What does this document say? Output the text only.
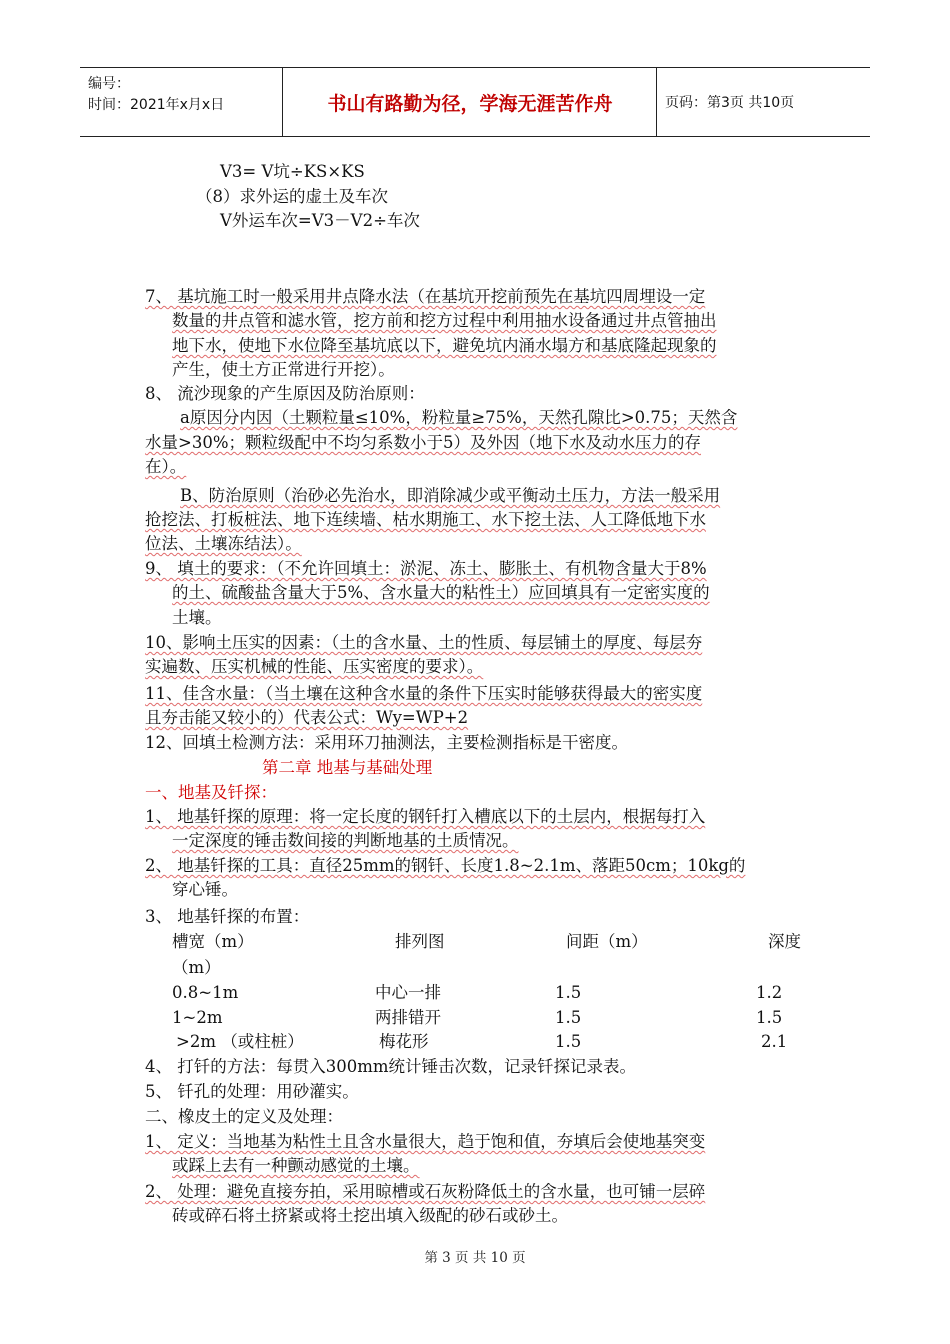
编号：
时间：2021年x月x日	书山有路勤为径，学海无涯苦作舟	页码：第3页 共10页
V3= V坑÷KS×KS
（8）求外运的虚土及车次
V外运车次=V3－V2÷车次
7、 基坑施工时一般采用井点降水法（在基坑开挖前预先在基坑四周埋设一定
数量的井点管和滤水管，挖方前和挖方过程中利用抽水设备通过井点管抽出
地下水，使地下水位降至基坑底以下，避免坑内涌水塌方和基底隆起现象的
产生，使土方正常进行开挖）。
8、 流沙现象的产生原因及防治原则：
a原因分内因（土颗粒量≤10%，粉粒量≥75%，天然孔隙比>0.75；天然含
水量>30%；颗粒级配中不均匀系数小于5）及外因（地下水及动水压力的存
在）。
B、防治原则（治砂必先治水，即消除减少或平衡动土压力，方法一般采用
抢挖法、打板桩法、地下连续墙、枯水期施工、水下挖土法、人工降低地下水
位法、土壤冻结法）。
9、 填土的要求：（不允许回填土：淤泥、冻土、膨胀土、有机物含量大于8%
的土、硫酸盐含量大于5%、含水量大的粘性土）应回填具有一定密实度的
土壤。
10、影响土压实的因素：（土的含水量、土的性质、每层铺土的厚度、每层夯
实遍数、压实机械的性能、压实密度的要求）。
11、佳含水量：（当土壤在这种含水量的条件下压实时能够获得最大的密实度
且夯击能又较小的）代表公式：Wy=WP+2
12、回填土检测方法：采用环刀抽测法，主要检测指标是干密度。
第二章 地基与基础处理
一、地基及钎探：
1、 地基钎探的原理：将一定长度的钢钎打入槽底以下的土层内，根据每打入
一定深度的锤击数间接的判断地基的土质情况。
2、 地基钎探的工具：直径25mm的钢钎、长度1.8~2.1m、落距50cm；10kg的
穿心锤。
3、 地基钎探的布置：
槽宽（m）	排列图	间距（m）	深度
（m）
0.8~1m	中心一排	1.5	1.2
1~2m	两排错开	1.5	1.5
>2m （或柱桩）	梅花形	1.5	2.1
4、 打钎的方法：每贯入300mm统计锤击次数，记录钎探记录表。
5、 钎孔的处理：用砂灌实。
二、橡皮土的定义及处理：
1、 定义：当地基为粘性土且含水量很大，趋于饱和值，夯填后会使地基突变
或踩上去有一种颤动感觉的土壤。
2、 处理：避免直接夯拍，采用晾槽或石灰粉降低土的含水量，也可铺一层碎
砖或碎石将土挤紧或将土挖出填入级配的砂石或砂土。
第 3 页 共 10 页
